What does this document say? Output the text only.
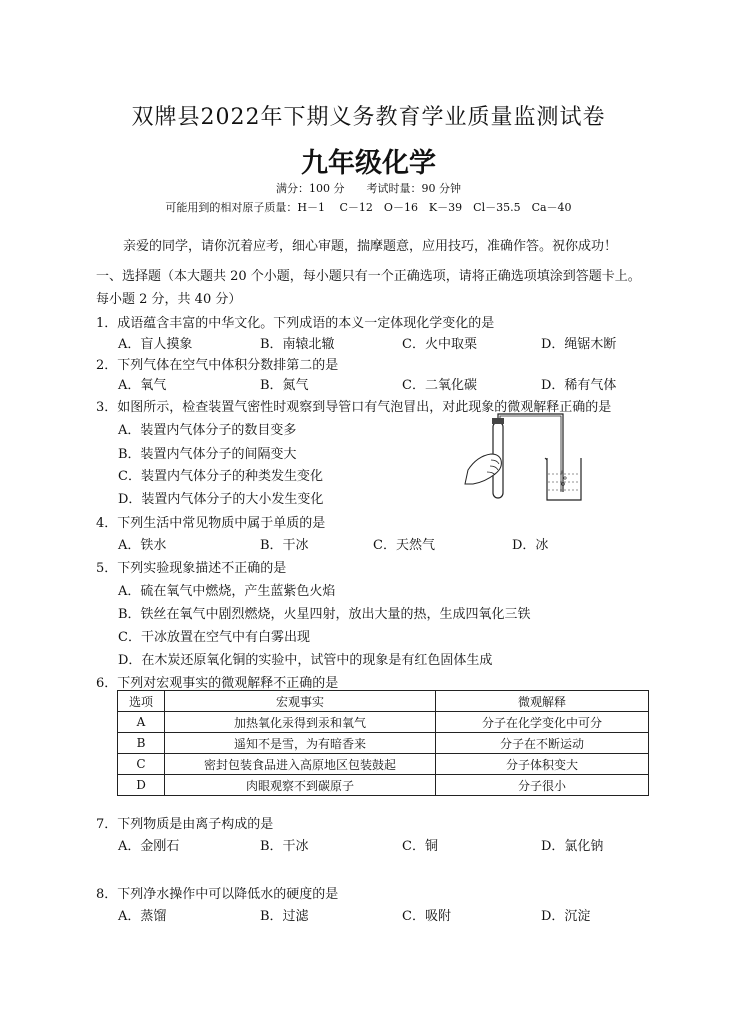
双牌县2022年下期义务教育学业质量监测试卷
九年级化学
满分：100 分　　考试时量：90 分钟
可能用到的相对原子质量：H－1　 C－12　O－16　K－39　Cl－35.5　Ca－40
亲爱的同学，请你沉着应考，细心审题，揣摩题意，应用技巧，准确作答。祝你成功！
一、选择题（本大题共 20 个小题，每小题只有一个正确选项，请将正确选项填涂到答题卡上。
每小题 2 分，共 40 分）
1．成语蕴含丰富的中华文化。下列成语的本义一定体现化学变化的是
A．盲人摸象	B．南辕北辙	C．火中取栗	D．绳锯木断
2．下列气体在空气中体积分数排第二的是
A．氧气	B．氮气	C．二氧化碳	D．稀有气体
3．如图所示，检查装置气密性时观察到导管口有气泡冒出，对此现象的微观解释正确的是
A．装置内气体分子的数目变多
B．装置内气体分子的间隔变大
C．装置内气体分子的种类发生变化
D．装置内气体分子的大小发生变化
4．下列生活中常见物质中属于单质的是
A．铁水	B．干冰	C．天然气	D．冰
5．下列实验现象描述不正确的是
A．硫在氧气中燃烧，产生蓝紫色火焰
B．铁丝在氧气中剧烈燃烧，火星四射，放出大量的热，生成四氧化三铁
C．干冰放置在空气中有白雾出现
D．在木炭还原氧化铜的实验中，试管中的现象是有红色固体生成
6．下列对宏观事实的微观解释不正确的是
选项	宏观事实	微观解释
A	加热氧化汞得到汞和氧气	分子在化学变化中可分
B	遥知不是雪，为有暗香来	分子在不断运动
C	密封包装食品进入高原地区包装鼓起	分子体积变大
D	肉眼观察不到碳原子	分子很小
7．下列物质是由离子构成的是
A．金刚石	B．干冰	C．铜	D．氯化钠
8．下列净水操作中可以降低水的硬度的是
A．蒸馏	B．过滤	C．吸附	D．沉淀
